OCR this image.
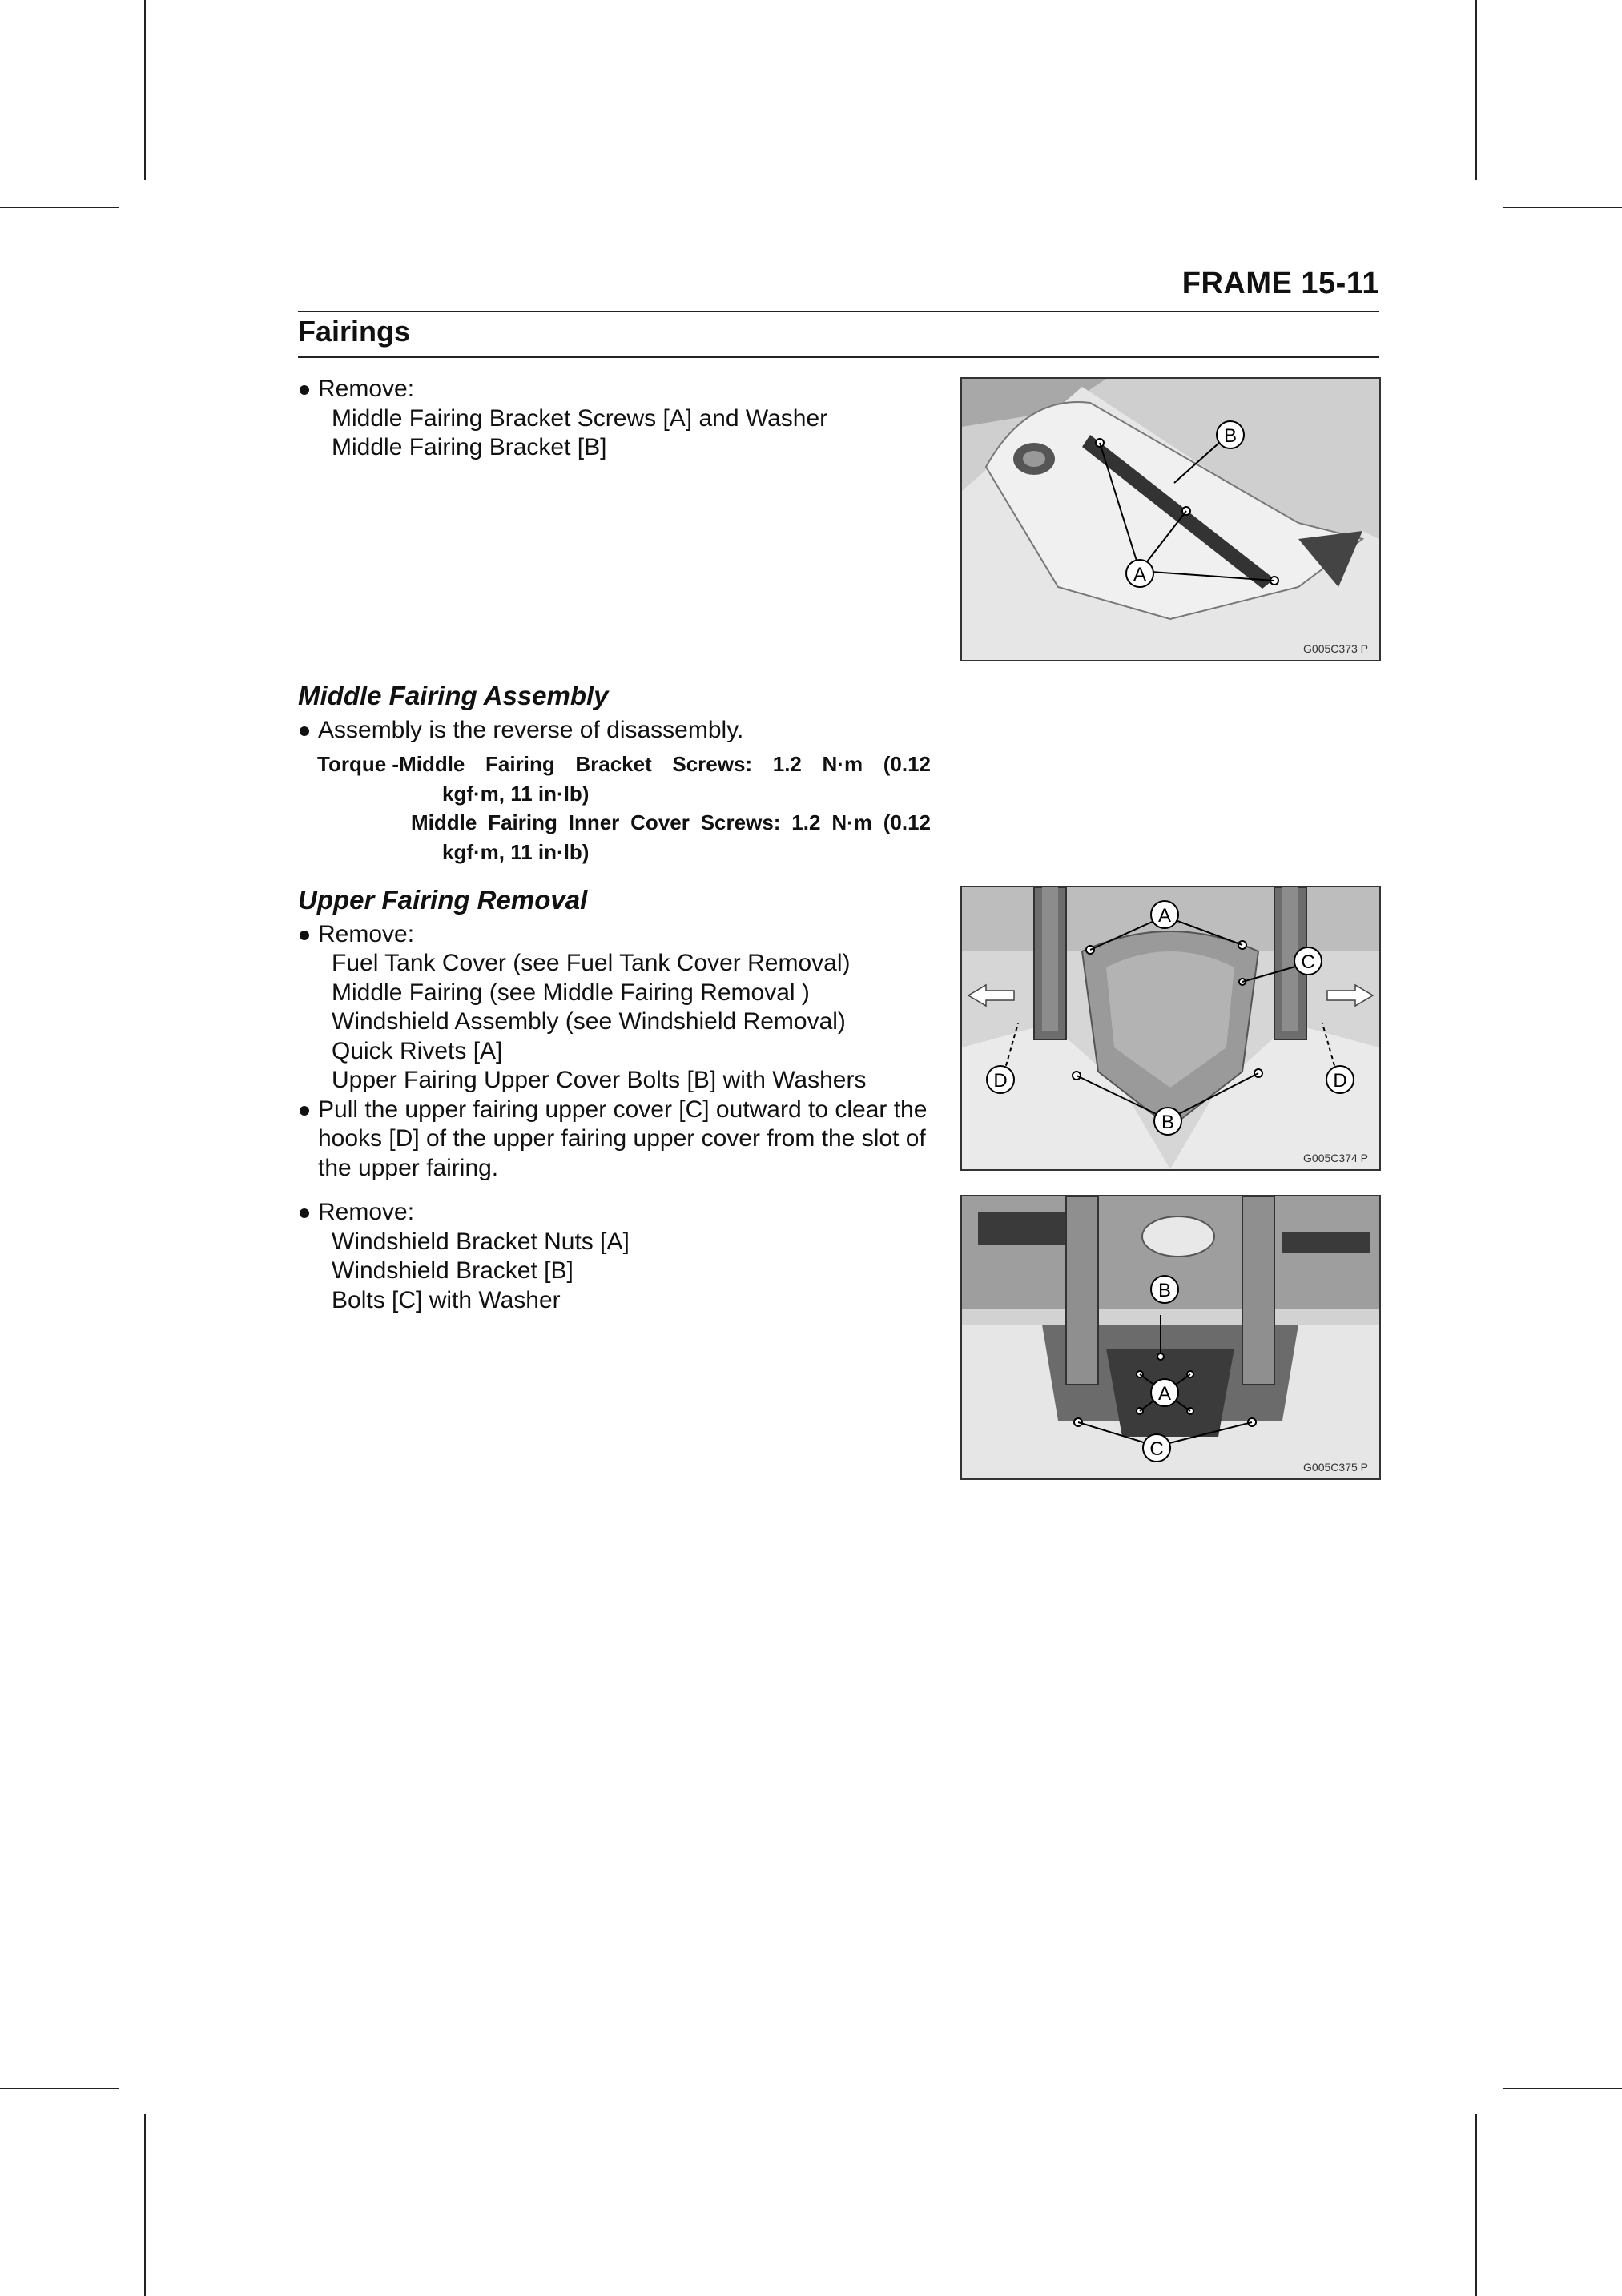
FRAME 15-11
Fairings
Remove:
Middle Fairing Bracket Screws [A] and Washer
Middle Fairing Bracket [B]
A
B
G005C373 P
Middle Fairing Assembly
Assembly is the reverse of disassembly.
Torque - Middle Fairing Bracket Screws: 1.2 N·m (0.12
kgf·m, 11 in·lb)
Middle Fairing Inner Cover Screws: 1.2 N·m (0.12
kgf·m, 11 in·lb)
Upper Fairing Removal
Remove:
Fuel Tank Cover (see Fuel Tank Cover Removal)
Middle Fairing (see Middle Fairing Removal )
Windshield Assembly (see Windshield Removal)
Quick Rivets [A]
Upper Fairing Upper Cover Bolts [B] with Washers
Pull the upper fairing upper cover [C] outward to clear the
hooks [D] of the upper fairing upper cover from the slot of
the upper fairing.
A
B
C
D	D
G005C374 P
Remove:
Windshield Bracket Nuts [A]
Windshield Bracket [B]
Bolts [C] with Washer	B
A
C
G005C375 P
